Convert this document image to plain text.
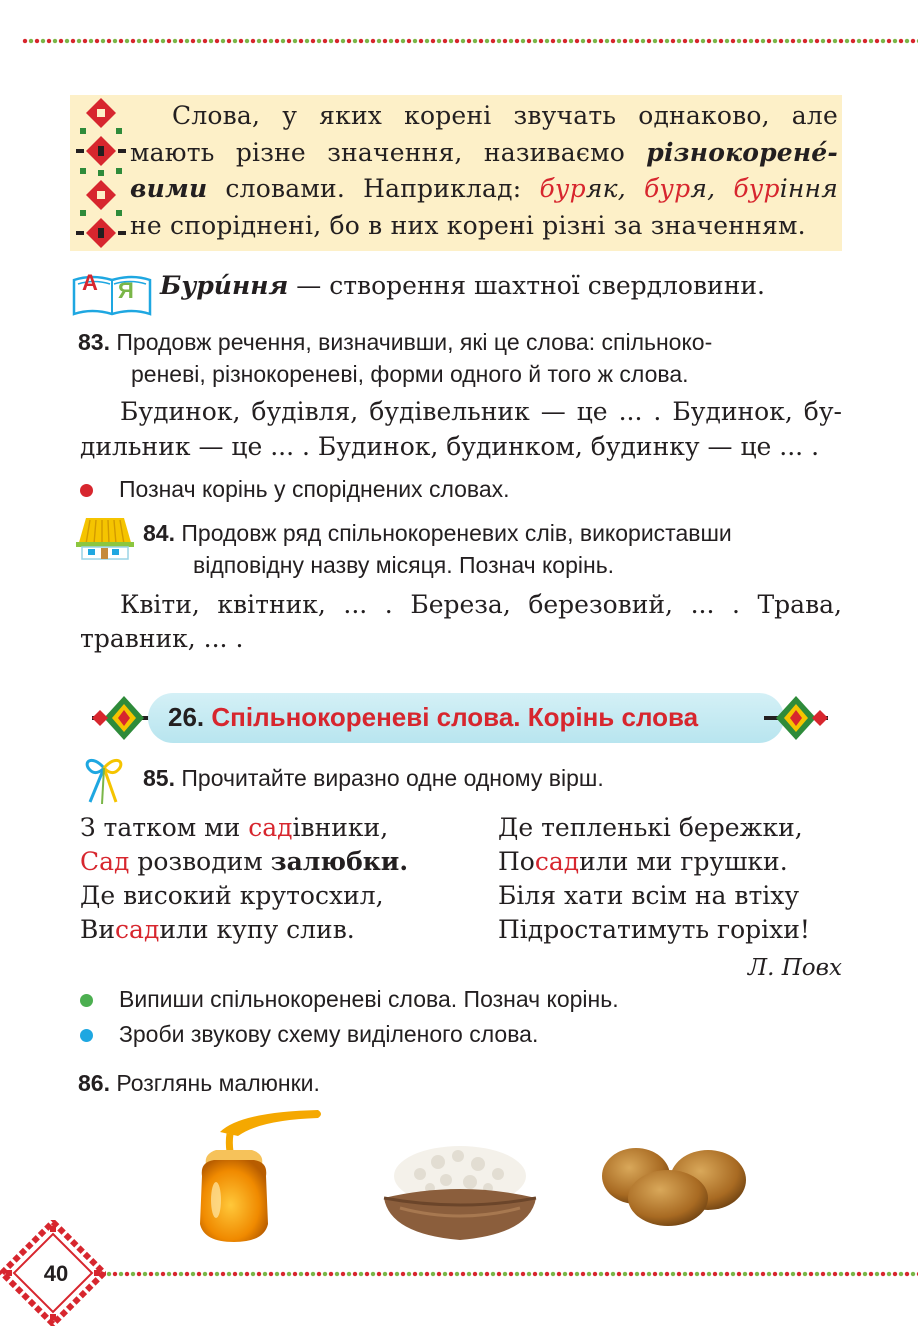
Слова, у яких корені звучать однаково, але
мають різне значення, називаємо різнокорене́-
вими словами. Наприклад: буряк, буря, буріння
не споріднені, бо в них корені різні за значенням.
А Я Бури́ння — створення шахтної свердловини.
83. Продовж речення, визначивши, які це слова: спільноко-
реневі, різнокореневі, форми одного й того ж слова.
Будинок, будівля, будівельник — це ... . Будинок, бу-
дильник — це ... . Будинок, будинком, будинку — це ... .
Познач корінь у споріднених словах.
84. Продовж ряд спільнокореневих слів, використавши
відповідну назву місяця. Познач корінь.
Квіти, квітник, ... . Береза, березовий, ... . Трава,
травник, ... .
26. Спільнокореневі слова. Корінь слова
85. Прочитайте виразно одне одному вірш.
З татком ми садівники,
Сад розводим залюбки.
Де високий крутосхил,
Висадили купу слив.
Де тепленькі бережки,
Посадили ми грушки.
Біля хати всім на втіху
Підростатимуть горіхи!
Л. Повх
Випиши спільнокореневі слова. Познач корінь.
Зроби звукову схему виділеного слова.
86. Розглянь малюнки.
40
